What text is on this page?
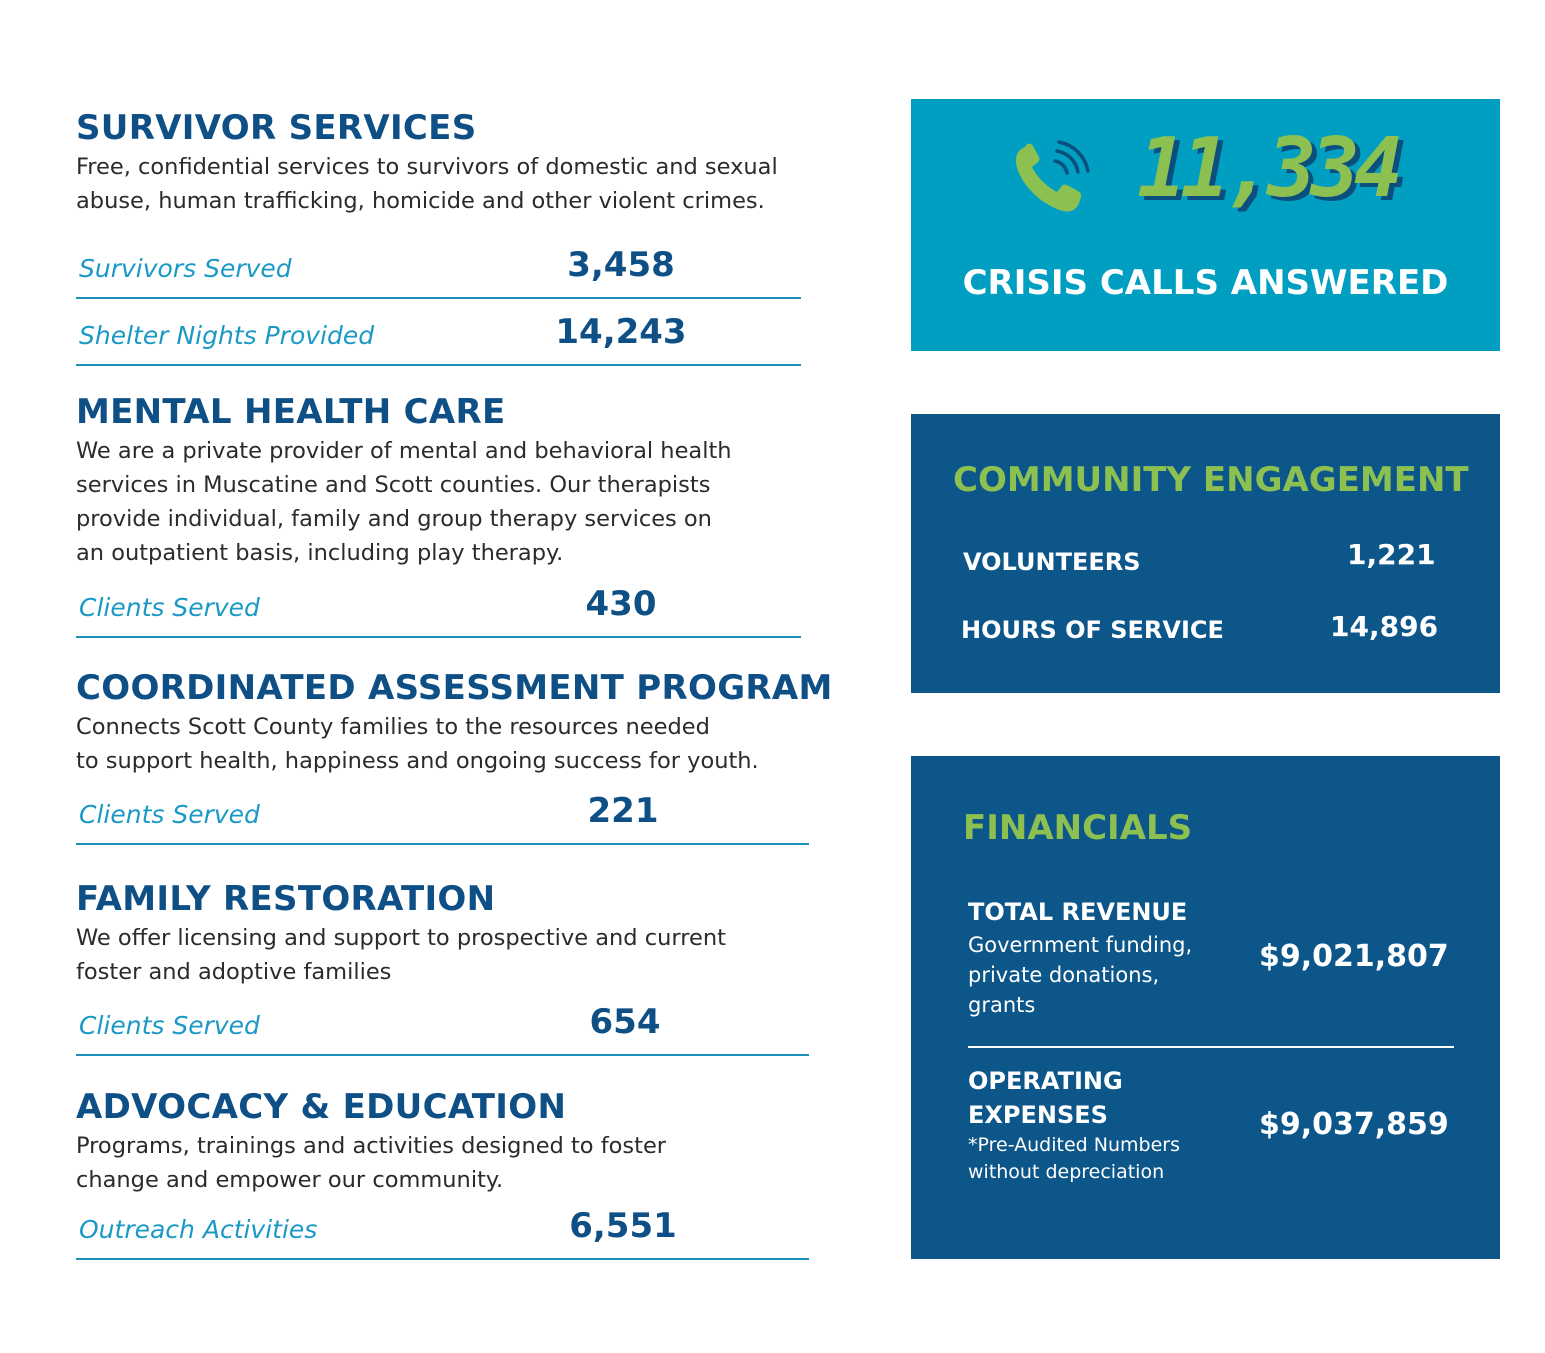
SURVIVOR SERVICES

Free, confidential services to survivors of domestic and sexual
abuse, human trafficking, homicide and other violent crimes.

Survivors Served	3,458
Shelter Nights Provided	14,243
MENTAL HEALTH CARE

We are a private provider of mental and behavioral health
services in Muscatine and Scott counties. Our therapists
provide individual, family and group therapy services on
an outpatient basis, including play therapy.

Clients Served	430
COORDINATED ASSESSMENT PROGRAM

Connects Scott County families to the resources needed
to support health, happiness and ongoing success for youth.

Clients Served	221
FAMILY RESTORATION

We offer licensing and support to prospective and current
foster and adoptive families

Clients Served	654
ADVOCACY & EDUCATION

Programs, trainings and activities designed to foster
change and empower our community.

Outreach Activities	6,551
11,334
CRISIS CALLS ANSWERED
COMMUNITY ENGAGEMENT
VOLUNTEERS	1,221
HOURS OF SERVICE	14,896
FINANCIALS
TOTAL REVENUE
Government funding,
private donations,
grants
$9,021,807
OPERATING
EXPENSES
*Pre-Audited Numbers
without depreciation
$9,037,859
